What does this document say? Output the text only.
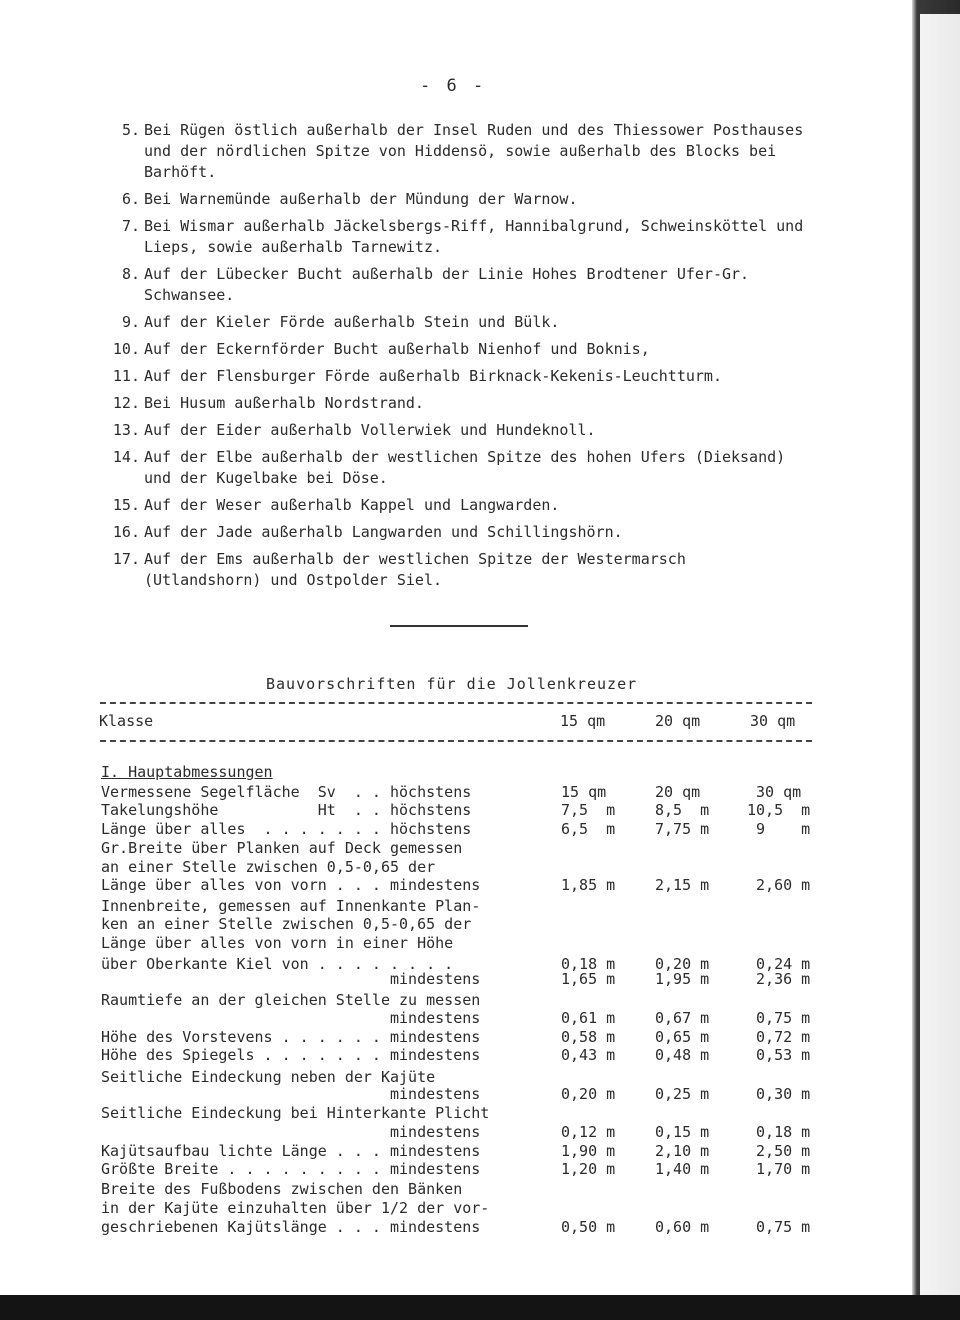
- 6 -
5. Bei Rügen östlich außerhalb der Insel Ruden und des Thiessower Posthauses und der nördlichen Spitze von Hiddensö, sowie außerhalb des Blocks bei Barhöft.
6. Bei Warnemünde außerhalb der Mündung der Warnow.
7. Bei Wismar außerhalb Jäckelsbergs-Riff, Hannibalgrund, Schweinsköttel und Lieps, sowie außerhalb Tarnewitz.
8. Auf der Lübecker Bucht außerhalb der Linie Hohes Brodtener Ufer-Gr. Schwansee.
9. Auf der Kieler Förde außerhalb Stein und Bülk.
10. Auf der Eckernförder Bucht außerhalb Nienhof und Boknis,
11. Auf der Flensburger Förde außerhalb Birknack-Kekenis-Leuchtturm.
12. Bei Husum außerhalb Nordstrand.
13. Auf der Eider außerhalb Vollerwiek und Hundeknoll.
14. Auf der Elbe außerhalb der westlichen Spitze des hohen Ufers (Dieksand) und der Kugelbake bei Döse.
15. Auf der Weser außerhalb Kappel und Langwarden.
16. Auf der Jade außerhalb Langwarden und Schillingshörn.
17. Auf der Ems außerhalb der westlichen Spitze der Westermarsch (Utlandshorn) und Ostpolder Siel.
Bauvorschriften für die Jollenkreuzer
Klasse	15 qm	20 qm	30 qm
I. Hauptabmessungen
Vermessene Segelfläche  Sv  . . höchstens	15 qm	20 qm	30 qm
Takelungshöhe           Ht  . . höchstens	7,5  m	8,5  m	10,5  m
Länge über alles  . . . . . . . höchstens	6,5  m	7,75 m	9    m
Gr.Breite über Planken auf Deck gemessen
an einer Stelle zwischen 0,5-0,65 der
Länge über alles von vorn . . . mindestens	1,85 m	2,15 m	2,60 m
Innenbreite, gemessen auf Innenkante Plan-
ken an einer Stelle zwischen 0,5-0,65 der
Länge über alles von vorn in einer Höhe
über Oberkante Kiel von . . . . . . . .	0,18 m	0,20 m	0,24 m
mindestens	1,65 m	1,95 m	2,36 m
Raumtiefe an der gleichen Stelle zu messen
mindestens	0,61 m	0,67 m	0,75 m
Höhe des Vorstevens . . . . . . mindestens	0,58 m	0,65 m	0,72 m
Höhe des Spiegels . . . . . . . mindestens	0,43 m	0,48 m	0,53 m
Seitliche Eindeckung neben der Kajüte
mindestens	0,20 m	0,25 m	0,30 m
Seitliche Eindeckung bei Hinterkante Plicht
mindestens	0,12 m	0,15 m	0,18 m
Kajütsaufbau lichte Länge . . . mindestens	1,90 m	2,10 m	2,50 m
Größte Breite . . . . . . . . . mindestens	1,20 m	1,40 m	1,70 m
Breite des Fußbodens zwischen den Bänken
in der Kajüte einzuhalten über 1/2 der vor-
geschriebenen Kajütslänge . . . mindestens	0,50 m	0,60 m	0,75 m
